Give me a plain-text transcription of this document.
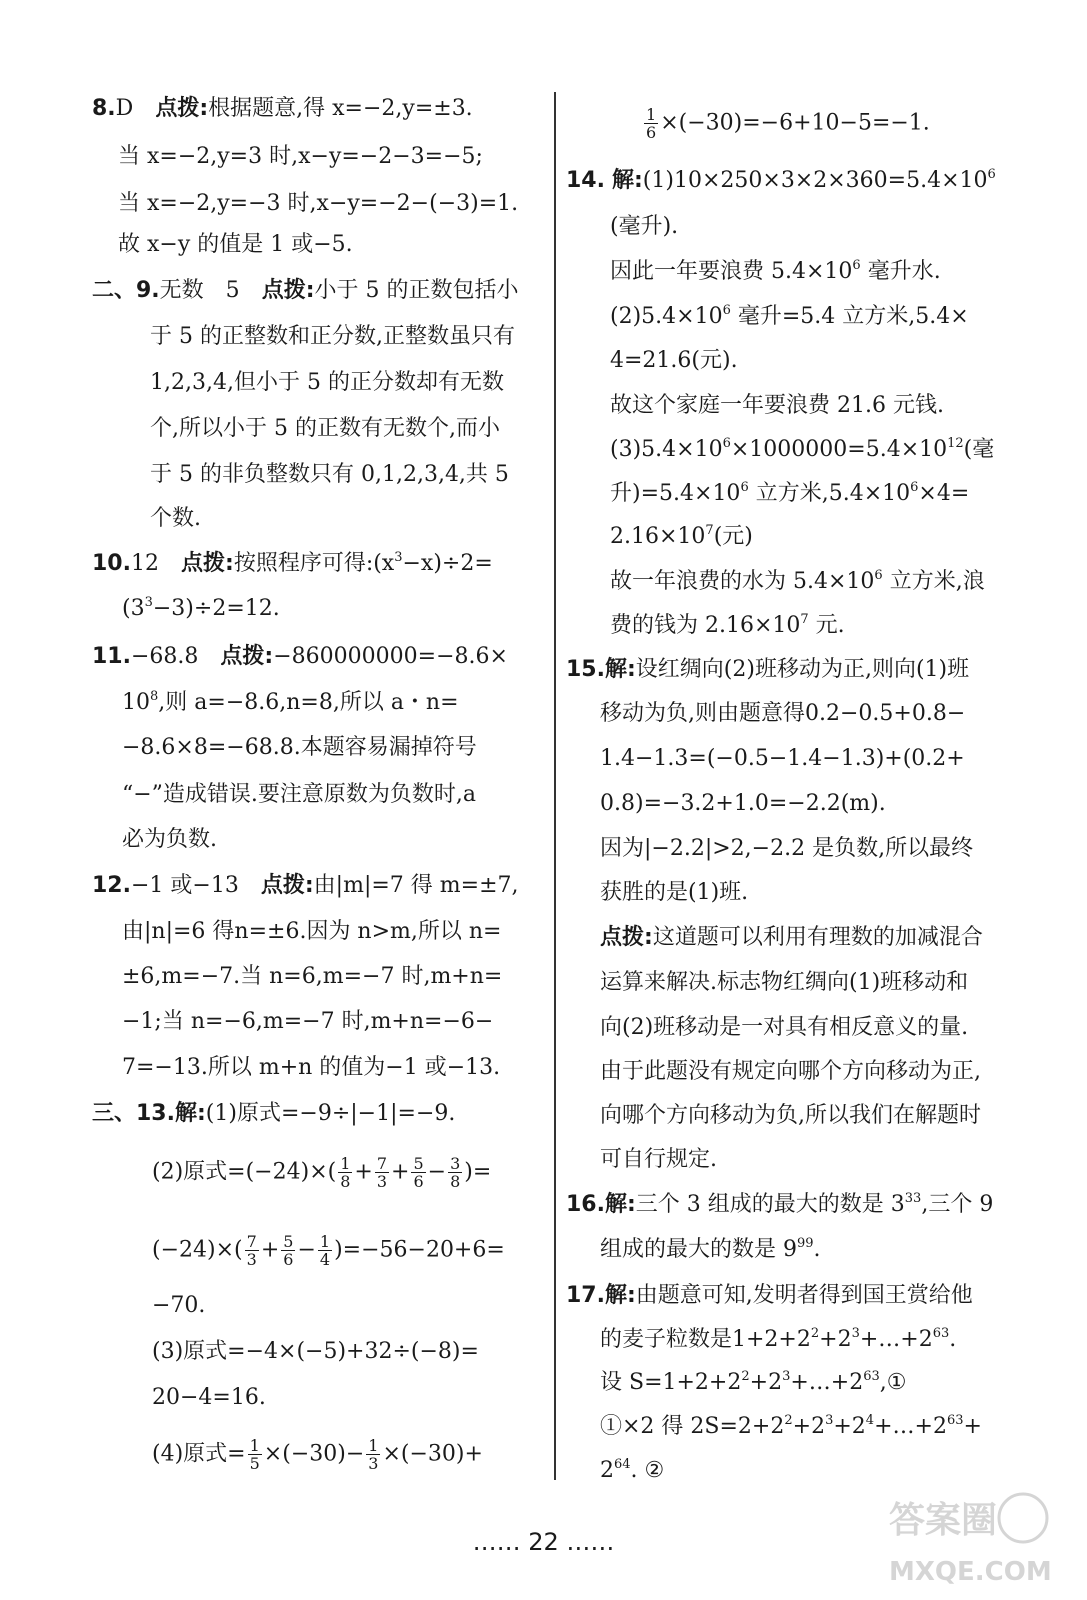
8.D　 点拨:根据题意,得 x=−2,y=±3.
当 x=−2,y=3 时,x−y=−2−3=−5;
当 x=−2,y=−3 时,x−y=−2−(−3)=1.
故 x−y 的值是 1 或−5.
二、9.无数　5　 点拨:小于 5 的正数包括小
于 5 的正整数和正分数,正整数虽只有
1,2,3,4,但小于 5 的正分数却有无数
个,所以小于 5 的正数有无数个,而小
于 5 的非负整数只有 0,1,2,3,4,共 5
个数.
10.12　 点拨:按照程序可得$:(x^3-x)\div 2=$
$(3^3-3)\div 2=12$.
11.−68.8　 点拨:−860000000=−8.6×
$10^8$,则 a=−8.6,n=8,所以 a・n=
−8.6×8=−68.8.本题容易漏掉符号
“−”造成错误.要注意原数为负数时,a
必为负数.
12.−1 或−13　 点拨:由|m|=7 得 m=±7,
由|n|=6 得n=±6.因为 n>m,所以 n=
±6,m=−7.当 n=6,m=−7 时,m+n=
−1;当 n=−6,m=−7 时,m+n=−6−
7=−13.所以 m+n 的值为−1 或−13.
三、13.解:(1)原式=−9÷|−1|=−9.
(2)原式$=(-24)\times( \frac{1}{8} + \frac{7}{3} + \frac{5}{6} - \frac{3}{8}$ )=
$(-24)\times( \frac{7}{3} + \frac{5}{6} - \frac{1}{4} )=-56-20+6=$
−70.
(3)原式=−4×(−5)+32÷(−8)=
20−4=16.
(4)原式= $\frac{1}{5} \times(-30)- \frac{1}{3} \times(-30)+$
$\frac{1}{6} \times(-30)=-6+10-5=-1$.
14. 解$:(1)10\times 250\times 3\times 2\times 360=5.4\times 10^6$
(毫升).
因此一年要浪费 $5.4\times 10^6$ 毫升水.
$(2)5.4\times 10^6$ 毫升=5.4 立方米,5.4×
4=21.6(元).
故这个家庭一年要浪费 21.6 元钱.
$(3)5.4\times 10^6\times 1000000=5.4\times 10^{12}$(毫
升)$=5.4\times 10^6$ 立方米$,5.4\times 10^6\times 4=$
$2.16\times 10^7$(元)
故一年浪费的水为 $5.4\times 10^6$ 立方米,浪
费的钱为 $2.16\times 10^7$ 元.
15.解:设红绸向(2)班移动为正,则向(1)班
移动为负,则由题意得0.2−0.5+0.8−
1.4−1.3=(−0.5−1.4−1.3)+(0.2+
0.8)=−3.2+1.0=−2.2(m).
因为|−2.2|>2,−2.2 是负数,所以最终
获胜的是(1)班.
点拨:这道题可以利用有理数的加减混合
运算来解决.标志物红绸向(1)班移动和
向(2)班移动是一对具有相反意义的量.
由于此题没有规定向哪个方向移动为正,
向哪个方向移动为负,所以我们在解题时
可自行规定.
16.解:三个 3 组成的最大的数是 $3^{33}$,三个 9
组成的最大的数是 $9^{99}$.
17.解:由题意可知,发明者得到国王赏给他
的麦子粒数是$1+2+2^2+2^3+\dots+2^{63}$.
设 $S=1+2+2^2+2^3+\dots+2^{63},①$
①×2 得 $2S=2+2^2+2^3+2^4+\dots+2^{63}+$
$2^{64}$. ②
…… 22 ……
答案圈
MXQE.COM
